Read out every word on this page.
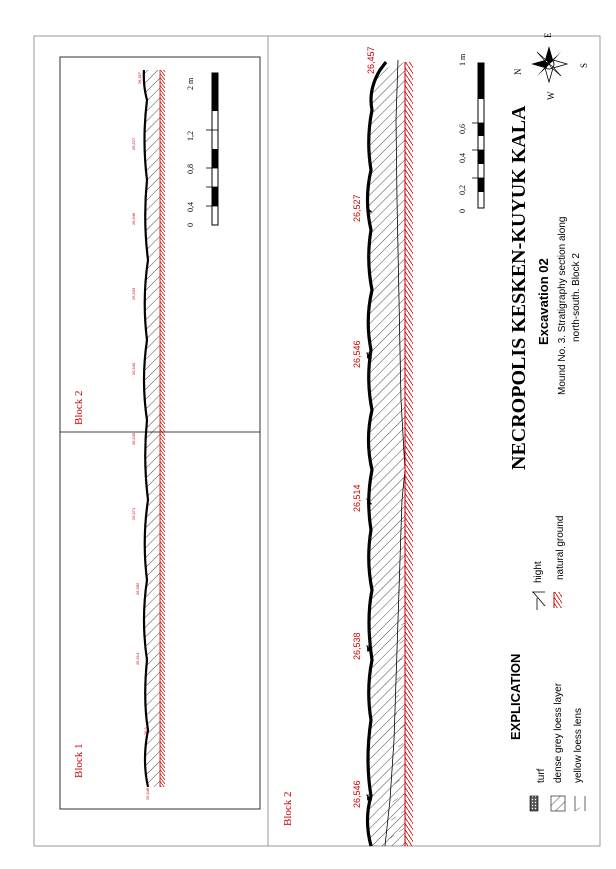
26,457
26,527
26,546
26,533
26,540
26,545
26,571
26,582
26,514
26,5
26,546
Block 1
Block 2
2 m
0
0,4
0,8
1,2
Block 2	26,546
26,538
26,514
26,546
26,527
26,457	1 m
0
0,2
0,4
0,6
N
E
S
W
NECROPOLIS KESKEN-KUYUK KALA Excavation 02 Mound No. 3. Stratigraphy section along north-south. Block 2
EXPLICATION
turf dense grey loess layer yellow loess lens
hight natural ground
